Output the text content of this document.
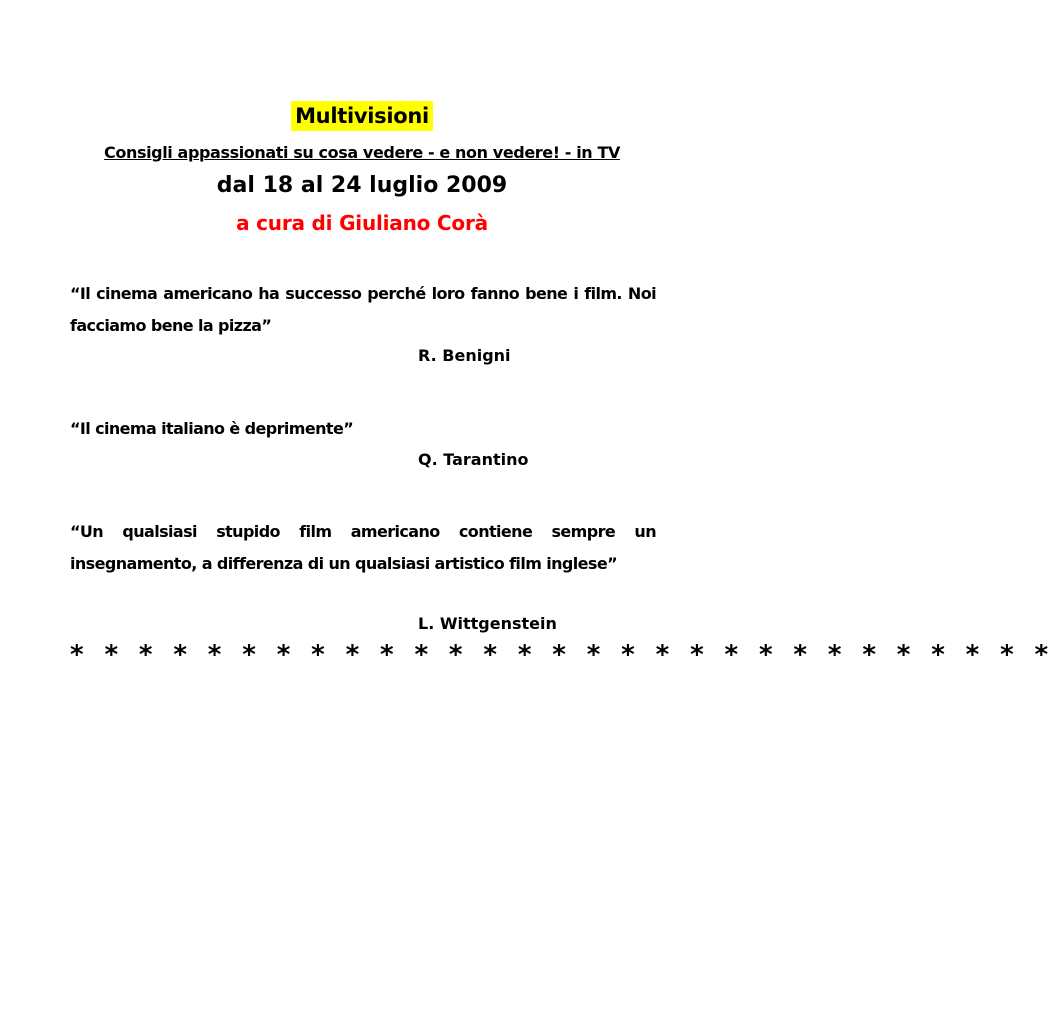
Multivisioni
Consigli appassionati su cosa vedere - e non vedere! - in TV
dal 18 al 24 luglio 2009
a cura di Giuliano Corà
“Il cinema americano ha successo perché loro fanno bene i film. Noi facciamo bene la pizza”
R. Benigni
“Il cinema italiano è deprimente”
Q. Tarantino
“Un qualsiasi stupido film americano contiene sempre un insegnamento, a differenza di un qualsiasi artistico film inglese”
L. Wittgenstein
* * * * * * * * * * * * * * * * * * * * * * * * * * * * *
